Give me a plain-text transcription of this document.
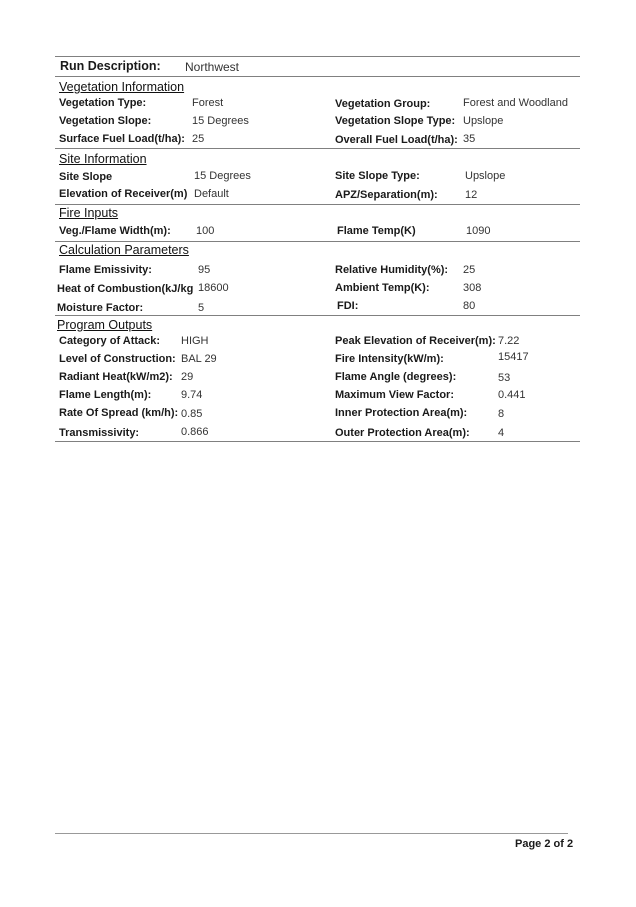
Run Description: Northwest
Vegetation Information
Vegetation Type:	Forest	Vegetation Group:	Forest and Woodland
Vegetation Slope:	15 Degrees	Vegetation Slope Type: Upslope
Surface Fuel Load(t/ha): 25	Overall Fuel Load(t/ha): 35
Site Information
Site Slope	15 Degrees	Site Slope Type:	Upslope
Elevation of Receiver(m) Default	APZ/Separation(m): 12
Fire Inputs
Veg./Flame Width(m): 100	Flame Temp(K)	1090
Calculation Parameters
Flame Emissivity:	95	Relative Humidity(%): 25
Heat of Combustion(kJ/kg 18600	Ambient Temp(K):	308
Moisture Factor:	5	FDI:	80
Program Outputs
Category of Attack: HIGH	Peak Elevation of Receiver(m): 7.22
Level of Construction: BAL 29	Fire Intensity(kW/m):	15417
Radiant Heat(kW/m2): 29	Flame Angle (degrees):	53
Flame Length(m):	9.74	Maximum View Factor:	0.441
Rate Of Spread (km/h): 0.85	Inner Protection Area(m):	8
Transmissivity:	0.866	Outer Protection Area(m):	4
Page 2 of 2
